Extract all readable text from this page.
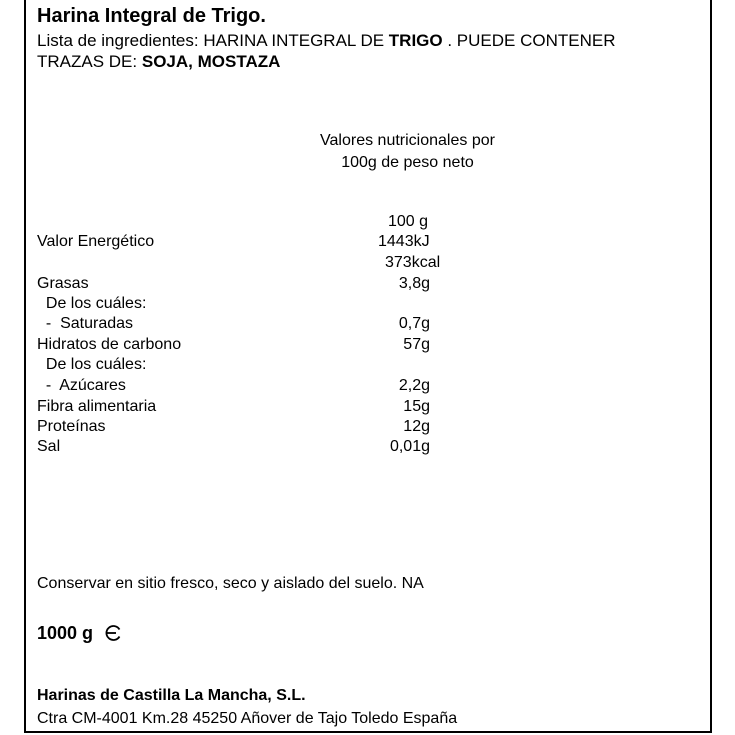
Harina Integral de Trigo.
Lista de ingredientes: HARINA INTEGRAL DE TRIGO . PUEDE CONTENER
TRAZAS DE: SOJA, MOSTAZA
Valores nutricionales por
100g de peso neto
100 g
Valor Energético	1443kJ
373kcal
Grasas	3,8g
De los cuáles:
-  Saturadas	0,7g
Hidratos de carbono	57g
De los cuáles:
-  Azúcares	2,2g
Fibra alimentaria	15g
Proteínas	12g
Sal	0,01g
Conservar en sitio fresco, seco y aislado del suelo. NA
1000 g
Harinas de Castilla La Mancha, S.L.
Ctra CM-4001 Km.28 45250 Añover de Tajo Toledo España
